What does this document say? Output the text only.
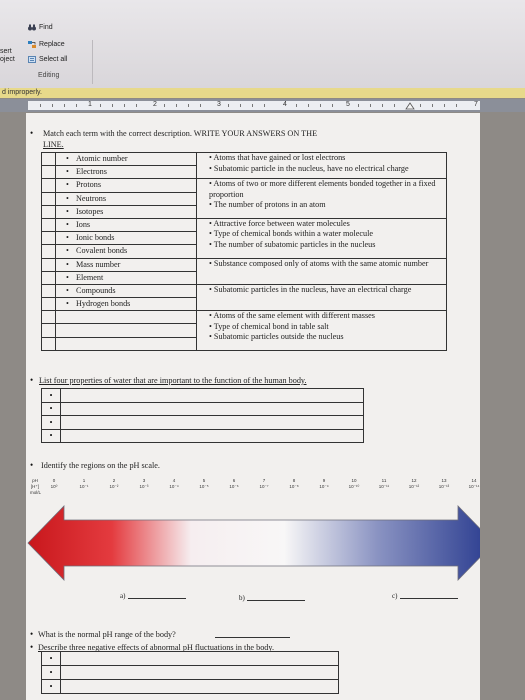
sert
oject
Find
Replace
Select all
Editing
d improperly.
1	2	3	4	5	7
• Match each term with the correct description. WRITE YOUR ANSWERS ON THE
LINE.
	• Atomic number	• Atoms that have gained or lost electrons
• Subatomic particle in the nucleus, have no electrical charge

	• Electrons	
	• Protons	• Atoms of two or more different elements bonded together in a fixed proportion
• The number of protons in an atom

	• Neutrons	
	• Isotopes	
	• Ions	• Attractive force between water molecules
• Type of chemical bonds within a water molecule
• The number of subatomic particles in the nucleus

	• Ionic bonds	
	• Covalent bonds	
	• Mass number	• Substance composed only of atoms with the same atomic number

	• Element	
	• Compounds	• Subatomic particles in the nucleus, have an electrical charge

	• Hydrogen bonds	

		• Atoms of the same element with different masses
• Type of chemical bond in table salt
• Subatomic particles outside the nucleus

• List four properties of water that are important to the function of the human body.
•	
•	
•	
•	
• Identify the regions on the pH scale.
pH
[H⁺]
mol/L
0
10⁰
1
10⁻¹
2
10⁻²
3
10⁻³
4
10⁻⁴
5
10⁻⁵
6
10⁻⁶
7
10⁻⁷
8
10⁻⁸
9
10⁻⁹
10
10⁻¹⁰
11
10⁻¹¹
12
10⁻¹²
13
10⁻¹³
14
10⁻¹⁴
a)	b)	c)
• What is the normal pH range of the body?
• Describe three negative effects of abnormal pH fluctuations in the body.
•	
•	
•	
